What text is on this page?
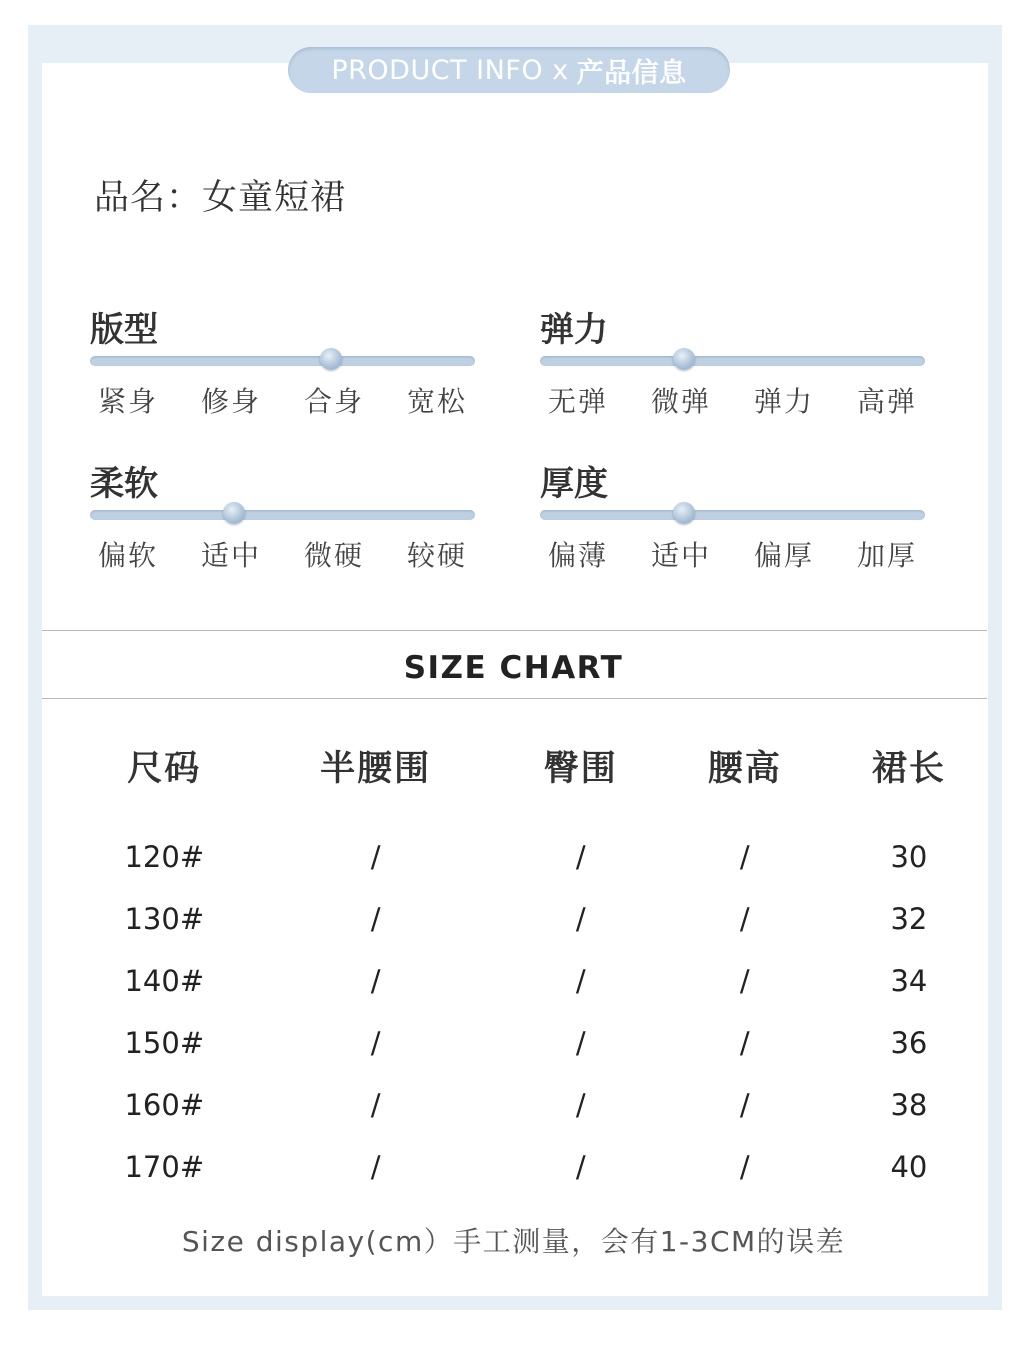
PRODUCT INFO x 产品信息
品名：女童短裙
版型
紧身 修身 合身 宽松
弹力
无弹 微弹 弹力 高弹
柔软
偏软 适中 微硬 较硬
厚度
偏薄 适中 偏厚 加厚
SIZE CHART
尺码	半腰围	臀围	腰高	裙长
120#	/	/	/	30
130#	/	/	/	32
140#	/	/	/	34
150#	/	/	/	36
160#	/	/	/	38
170#	/	/	/	40
Size display(cm）手工测量，会有1-3CM的误差
